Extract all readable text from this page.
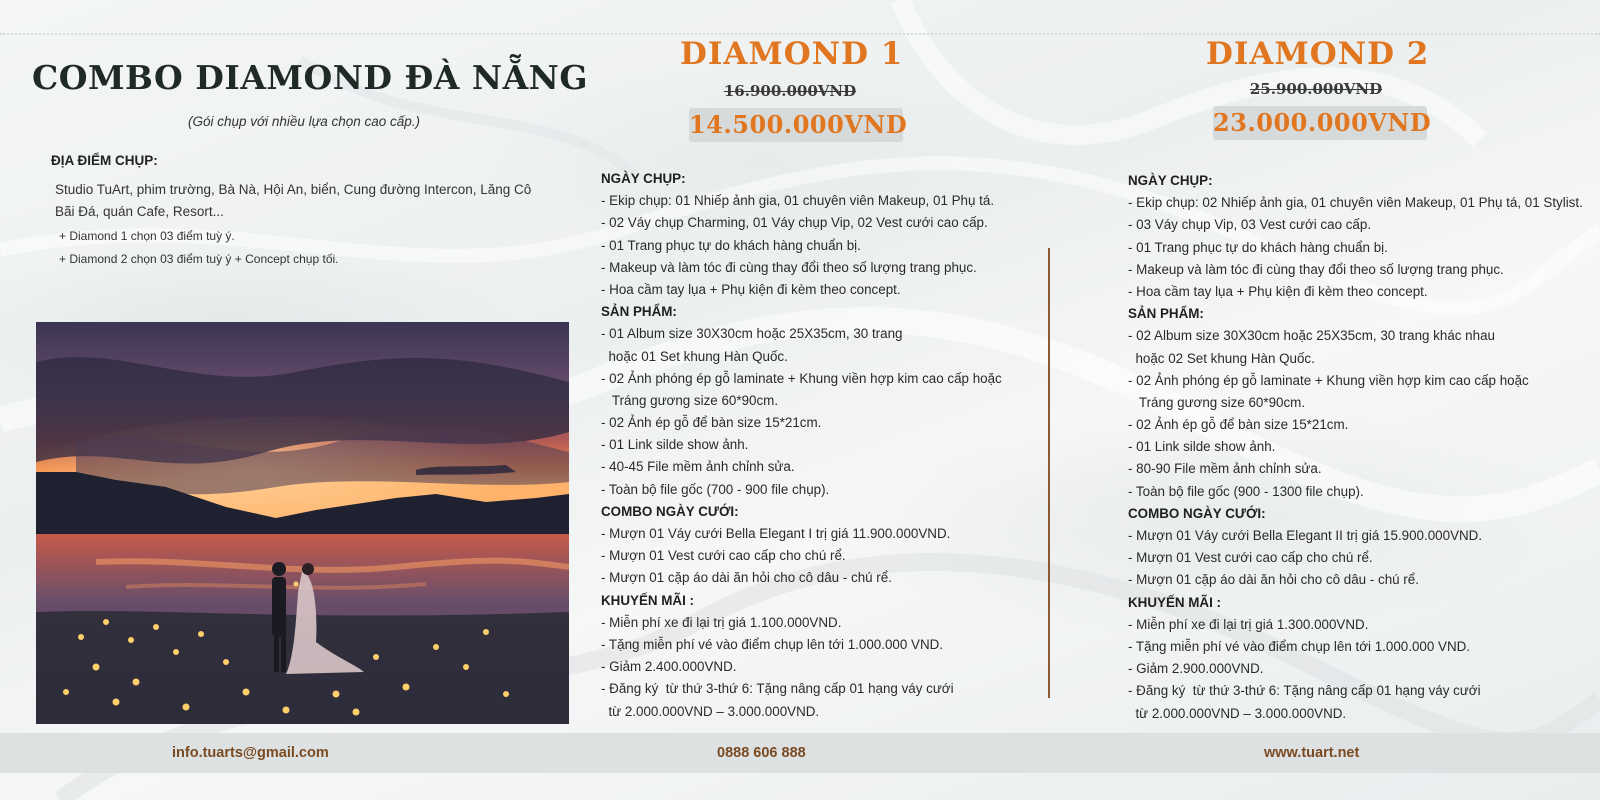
COMBO DIAMOND ĐÀ NẴNG
(Gói chụp với nhiều lựa chọn cao cấp.)
ĐỊA ĐIỂM CHỤP:
Studio TuArt, phim trường, Bà Nà, Hội An, biển, Cung đường Intercon, Lăng Cô Bãi Đá, quán Cafe, Resort...
+ Diamond 1 chọn 03 điểm tuỳ ý.
+ Diamond 2 chọn 03 điểm tuỳ ý + Concept chụp tối.
DIAMOND 1
16.900.000VND
14.500.000VND
DIAMOND 2
25.900.000VND
23.000.000VND
NGÀY CHỤP:
- Ekip chụp: 01 Nhiếp ảnh gia, 01 chuyên viên Makeup, 01 Phụ tá.
- 02 Váy chụp Charming, 01 Váy chụp Vip, 02 Vest cưới cao cấp.
- 01 Trang phục tự do khách hàng chuẩn bị.
- Makeup và làm tóc đi cùng thay đổi theo số lượng trang phục.
- Hoa cầm tay lụa + Phụ kiện đi kèm theo concept.
SẢN PHẨM:
- 01 Album size 30X30cm hoặc 25X35cm, 30 trang
hoặc 01 Set khung Hàn Quốc.
- 02 Ảnh phóng ép gỗ laminate + Khung viền hợp kim cao cấp hoặc
Tráng gương size 60*90cm.
- 02 Ảnh ép gỗ để bàn size 15*21cm.
- 01 Link silde show ảnh.
- 40-45 File mềm ảnh chỉnh sửa.
- Toàn bộ file gốc (700 - 900 file chụp).
COMBO NGÀY CƯỚI:
- Mượn 01 Váy cưới Bella Elegant I trị giá 11.900.000VND.
- Mượn 01 Vest cưới cao cấp cho chú rể.
- Mượn 01 cặp áo dài ăn hỏi cho cô dâu - chú rể.
KHUYẾN MÃI :
- Miễn phí xe đi lại trị giá 1.100.000VND.
- Tặng miễn phí vé vào điểm chụp lên tới 1.000.000 VND.
- Giảm 2.400.000VND.
- Đăng ký  từ thứ 3-thứ 6: Tặng nâng cấp 01 hạng váy cưới
từ 2.000.000VND – 3.000.000VND.
NGÀY CHỤP:
- Ekip chụp: 02 Nhiếp ảnh gia, 01 chuyên viên Makeup, 01 Phụ tá, 01 Stylist.
- 03 Váy chụp Vip, 03 Vest cưới cao cấp.
- 01 Trang phục tự do khách hàng chuẩn bị.
- Makeup và làm tóc đi cùng thay đổi theo số lượng trang phục.
- Hoa cầm tay lụa + Phụ kiện đi kèm theo concept.
SẢN PHẨM:
- 02 Album size 30X30cm hoặc 25X35cm, 30 trang khác nhau
hoặc 02 Set khung Hàn Quốc.
- 02 Ảnh phóng ép gỗ laminate + Khung viền hợp kim cao cấp hoặc
Tráng gương size 60*90cm.
- 02 Ảnh ép gỗ để bàn size 15*21cm.
- 01 Link silde show ảnh.
- 80-90 File mềm ảnh chỉnh sửa.
- Toàn bộ file gốc (900 - 1300 file chụp).
COMBO NGÀY CƯỚI:
- Mượn 01 Váy cưới Bella Elegant II trị giá 15.900.000VND.
- Mượn 01 Vest cưới cao cấp cho chú rể.
- Mượn 01 cặp áo dài ăn hỏi cho cô dâu - chú rể.
KHUYẾN MÃI :
- Miễn phí xe đi lại trị giá 1.300.000VND.
- Tặng miễn phí vé vào điểm chụp lên tới 1.000.000 VND.
- Giảm 2.900.000VND.
- Đăng ký  từ thứ 3-thứ 6: Tặng nâng cấp 01 hạng váy cưới
từ 2.000.000VND – 3.000.000VND.
info.tuarts@gmail.com	0888 606 888	www.tuart.net
